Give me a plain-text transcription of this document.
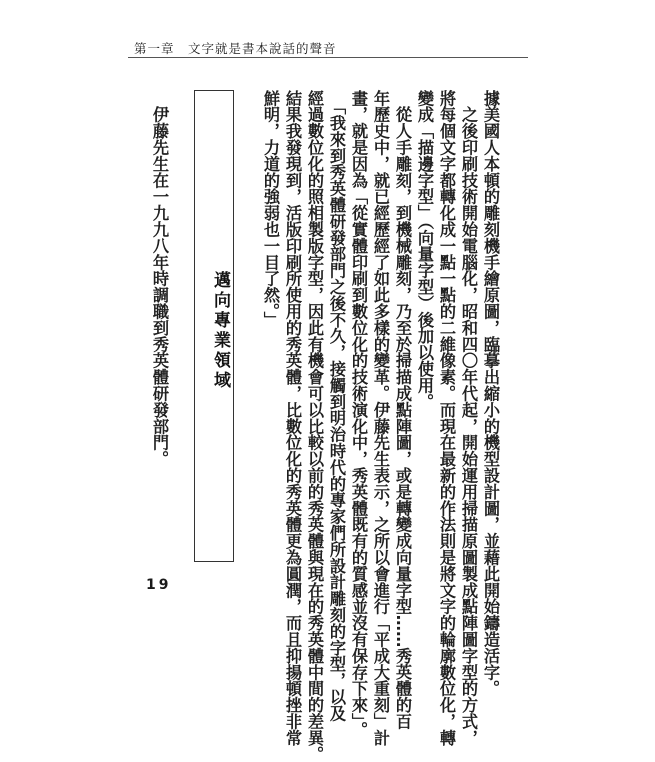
第一章　文字就是書本說話的聲音
據美國人本頓的雕刻機手繪原圖，臨摹出縮小的機型設計圖，並藉此開始鑄造活字。
　之後印刷技術開始電腦化，昭和四〇年代起，開始運用掃描原圖製成點陣圖字型的方式，
將每個文字都轉化成一點一點的二維像素。而現在最新的作法則是將文字的輪廓數位化，轉
變成「描邊字型」（向量字型）後加以使用。
　從人手雕刻，到機械雕刻，乃至於掃描成點陣圖，或是轉變成向量字型……秀英體的百
年歷史中，就已經歷經了如此多樣的變革。伊藤先生表示，之所以會進行「平成大重刻」計
畫，就是因為「從實體印刷到數位化的技術演化中，秀英體既有的質感並沒有保存下來」。
　「我來到秀英體研發部門之後不久，接觸到明治時代的專家們所設計雕刻的字型，以及
經過數位化的照相製版字型，因此有機會可以比較以前的秀英體與現在的秀英體中間的差異。
結果我發現到，活版印刷所使用的秀英體，比數位化的秀英體更為圓潤，而且抑揚頓挫非常
鮮明，力道的強弱也一目了然。」
邁向專業領域
　伊藤先生在一九九八年時調職到秀英體研發部門。
19
